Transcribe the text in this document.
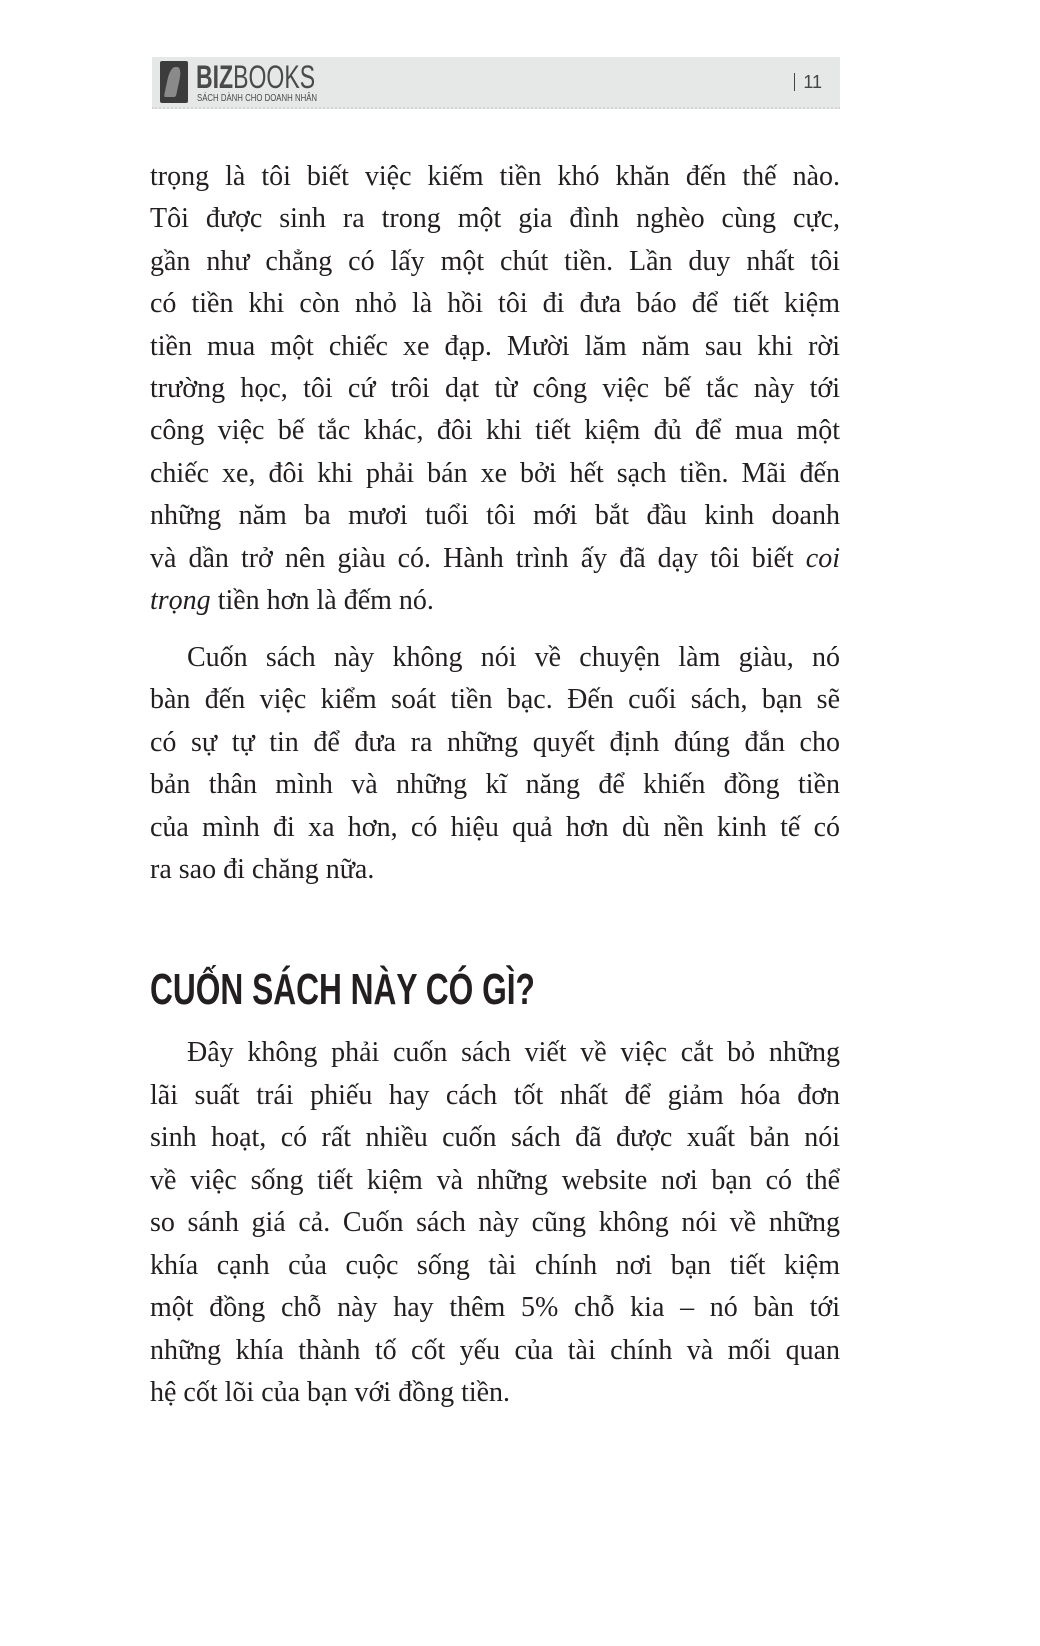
BIZBOOKS
SÁCH DÀNH CHO DOANH NHÂN
11
trọng là tôi biết việc kiếm tiền khó khăn đến thế nào.
Tôi được sinh ra trong một gia đình nghèo cùng cực,
gần như chẳng có lấy một chút tiền. Lần duy nhất tôi
có tiền khi còn nhỏ là hồi tôi đi đưa báo để tiết kiệm
tiền mua một chiếc xe đạp. Mười lăm năm sau khi rời
trường học, tôi cứ trôi dạt từ công việc bế tắc này tới
công việc bế tắc khác, đôi khi tiết kiệm đủ để mua một
chiếc xe, đôi khi phải bán xe bởi hết sạch tiền. Mãi đến
những năm ba mươi tuổi tôi mới bắt đầu kinh doanh
và dần trở nên giàu có. Hành trình ấy đã dạy tôi biết coi
trọng tiền hơn là đếm nó.
Cuốn sách này không nói về chuyện làm giàu, nó
bàn đến việc kiểm soát tiền bạc. Đến cuối sách, bạn sẽ
có sự tự tin để đưa ra những quyết định đúng đắn cho
bản thân mình và những kĩ năng để khiến đồng tiền
của mình đi xa hơn, có hiệu quả hơn dù nền kinh tế có
ra sao đi chăng nữa.
CUỐN SÁCH NÀY CÓ GÌ?
Đây không phải cuốn sách viết về việc cắt bỏ những
lãi suất trái phiếu hay cách tốt nhất để giảm hóa đơn
sinh hoạt, có rất nhiều cuốn sách đã được xuất bản nói
về việc sống tiết kiệm và những website nơi bạn có thể
so sánh giá cả. Cuốn sách này cũng không nói về những
khía cạnh của cuộc sống tài chính nơi bạn tiết kiệm
một đồng chỗ này hay thêm 5% chỗ kia – nó bàn tới
những khía thành tố cốt yếu của tài chính và mối quan
hệ cốt lõi của bạn với đồng tiền.
